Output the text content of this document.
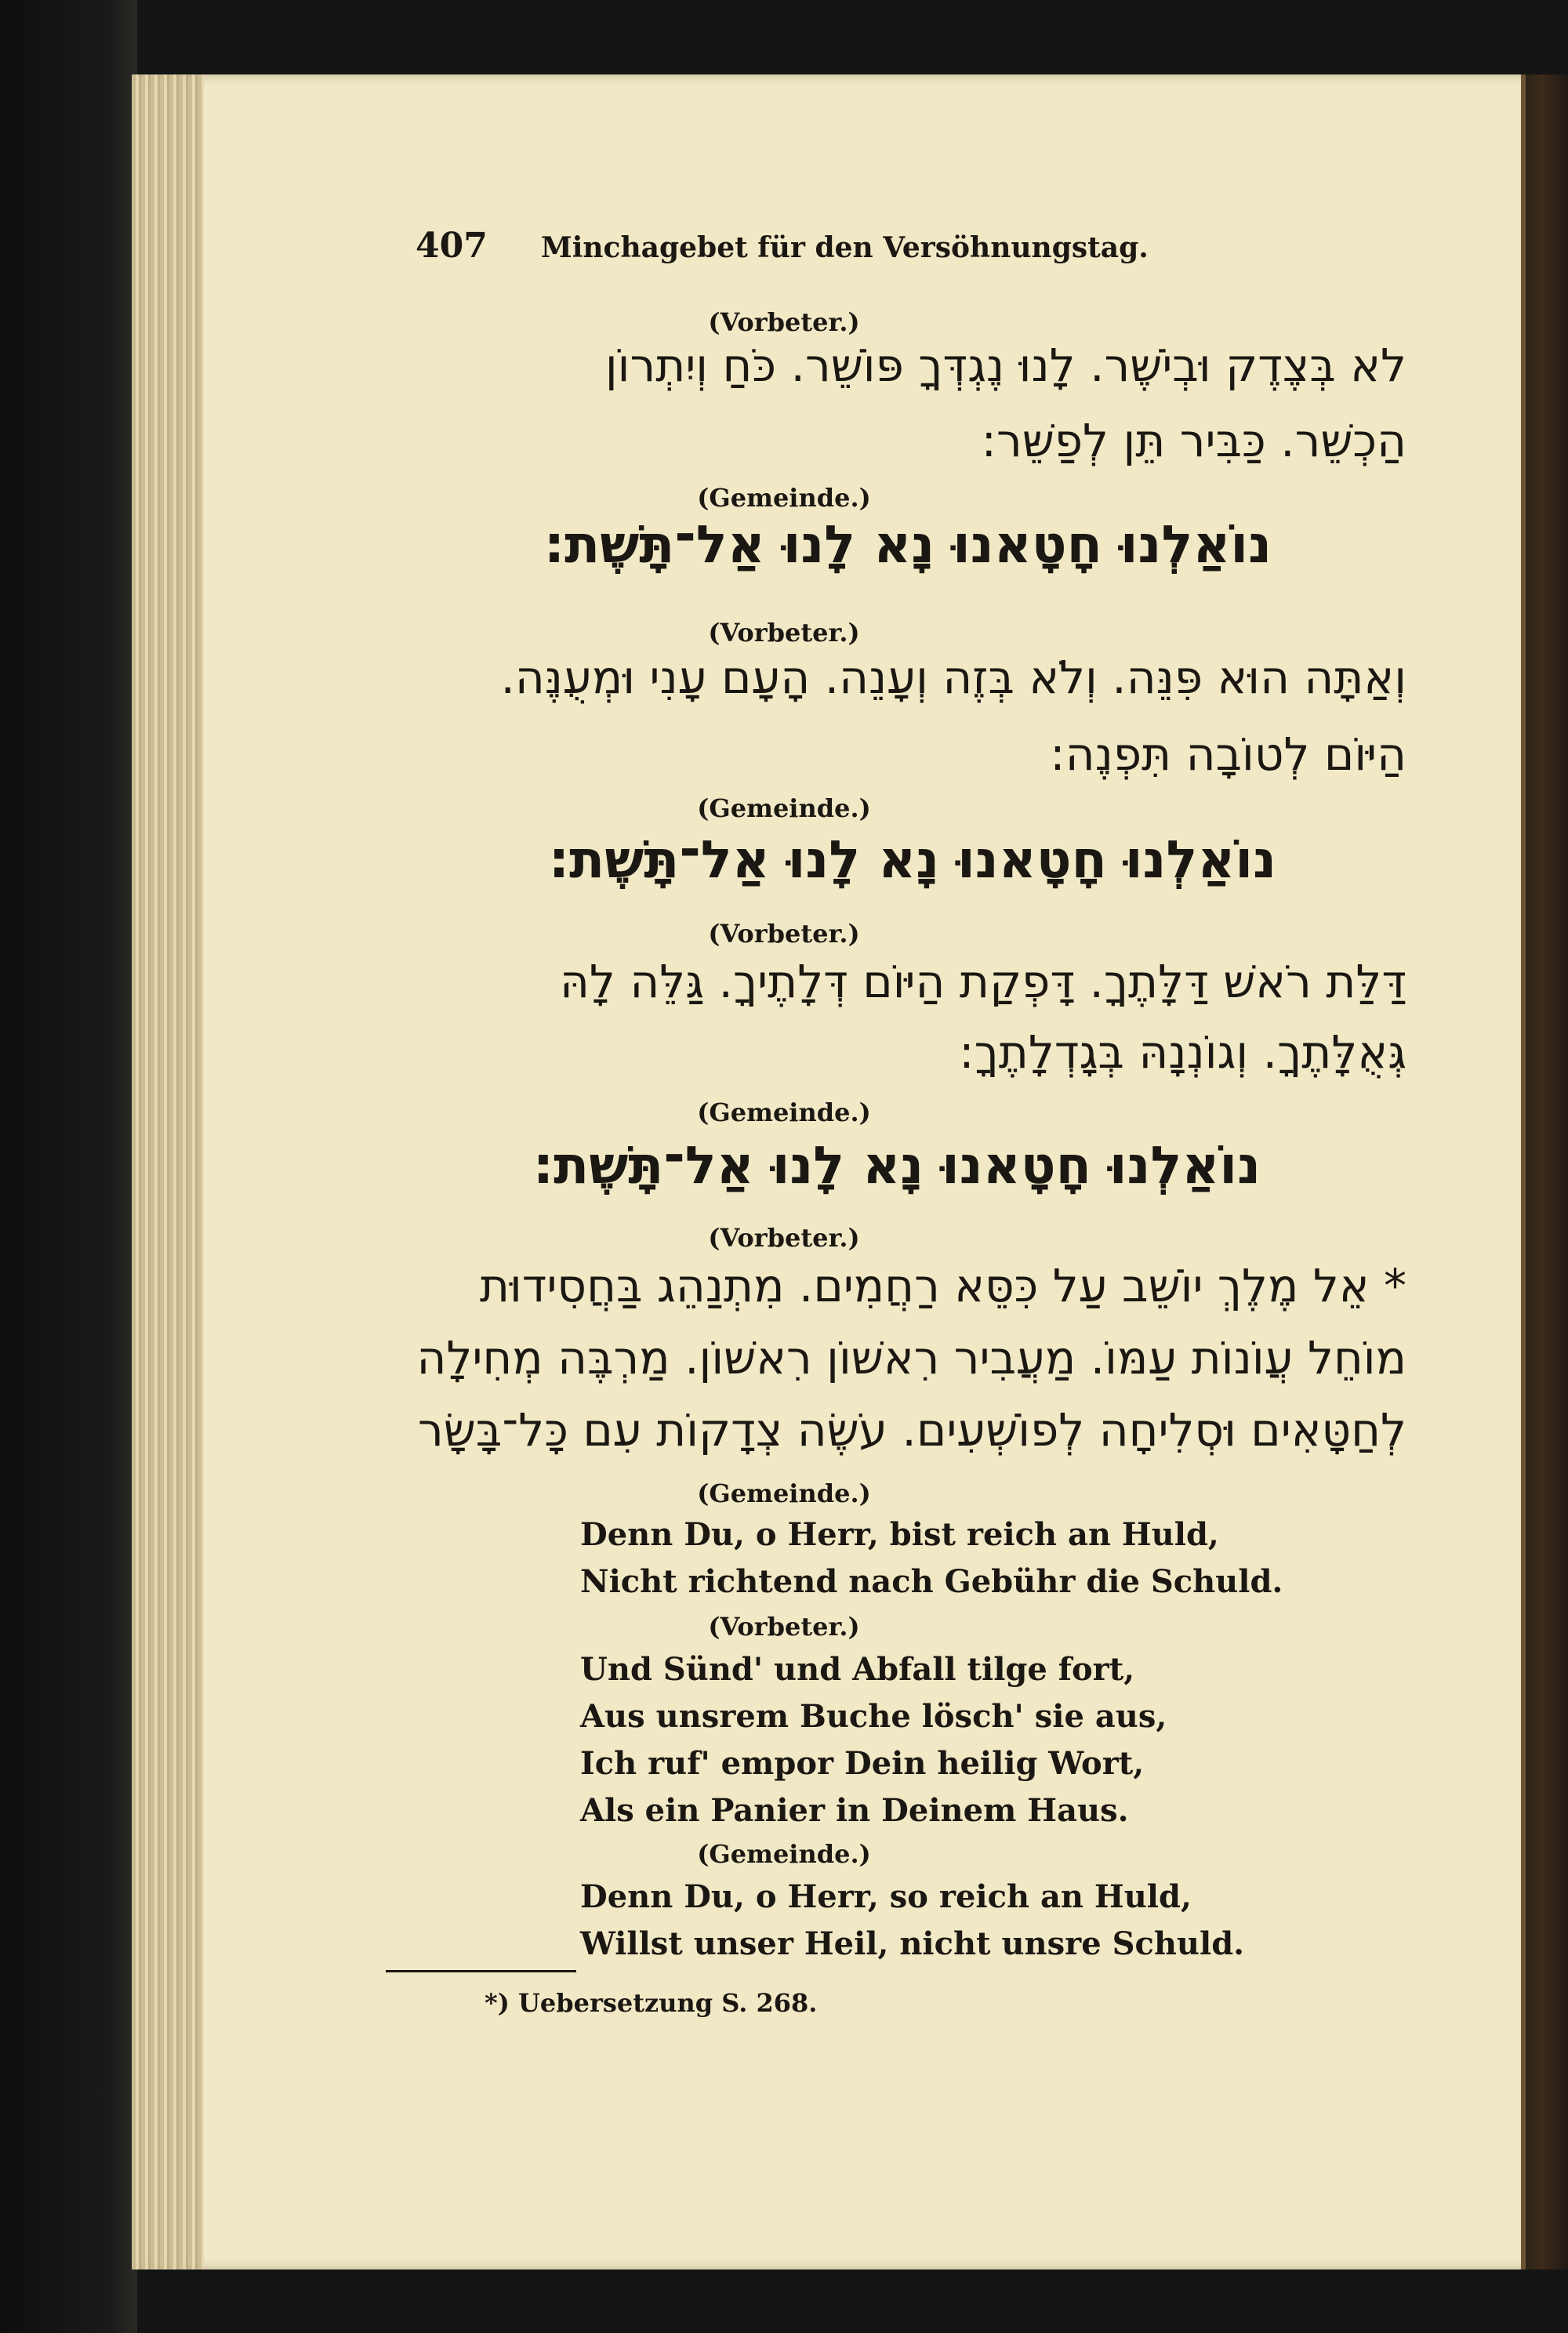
407 Minchagebet für den Versöhnungstag.
(Vorbeter.)
לא בְּצֶדֶק וּבְיֹשֶׁר. לָנוּ נֶגְדְּךָ פּוֹשֵׁר. כֹּחַ וְיִתְרוֹן
הַכְשֵׁר. כַּבִּיר תֵּן לְפַשֵּׁר:
(Gemeinde.)
נוֹאַלְנוּ חָטָאנוּ נָא לָנוּ אַל־תָּשֶׁת:
(Vorbeter.)
וְאַתָּה הוּא פִּנֵּה. וְלֹא בְּזֶה וְעָנֵה. הָעָם עָנִי וּמְעֻנֶּה.
הַיּוֹם לְטוֹבָה תִּפְנֶה:
(Gemeinde.)
נוֹאַלְנוּ חָטָאנוּ נָא לָנוּ אַל־תָּשֶׁת:
(Vorbeter.)
דַּלַּת רֹאשׁ דַּלָּתֶךָ. דָּפְקַת הַיּוֹם דְּלָתֶיךָ. גַּלֵּה לָהּ
גְּאֻלָּתֶךָ. וְגוֹנְנָהּ בְּגָדְלָתֶךָ:
(Gemeinde.)
נוֹאַלְנוּ חָטָאנוּ נָא לָנוּ אַל־תָּשֶׁת:
(Vorbeter.)
* אֵל מֶלֶךְ יוֹשֵׁב עַל כִּסֵּא רַחֲמִים. מִתְנַהֵג בַּחֲסִידוּת
מוֹחֵל עֲוֹנוֹת עַמּוֹ. מַעֲבִיר רִאשׁוֹן רִאשׁוֹן. מַרְבֶּה מְחִילָה
לְחַטָּאִים וּסְלִיחָה לְפוֹשְׁעִים. עֹשֶׂה צְדָקוֹת עִם כָּל־בָּשָׂר
(Gemeinde.)
Denn Du, o Herr, bist reich an Huld,
Nicht richtend nach Gebühr die Schuld.
(Vorbeter.)
Und Sünd' und Abfall tilge fort,
Aus unsrem Buche lösch' sie aus,
Ich ruf' empor Dein heilig Wort,
Als ein Panier in Deinem Haus.
(Gemeinde.)
Denn Du, o Herr, so reich an Huld,
Willst unser Heil, nicht unsre Schuld.
*) Uebersetzung S. 268.
